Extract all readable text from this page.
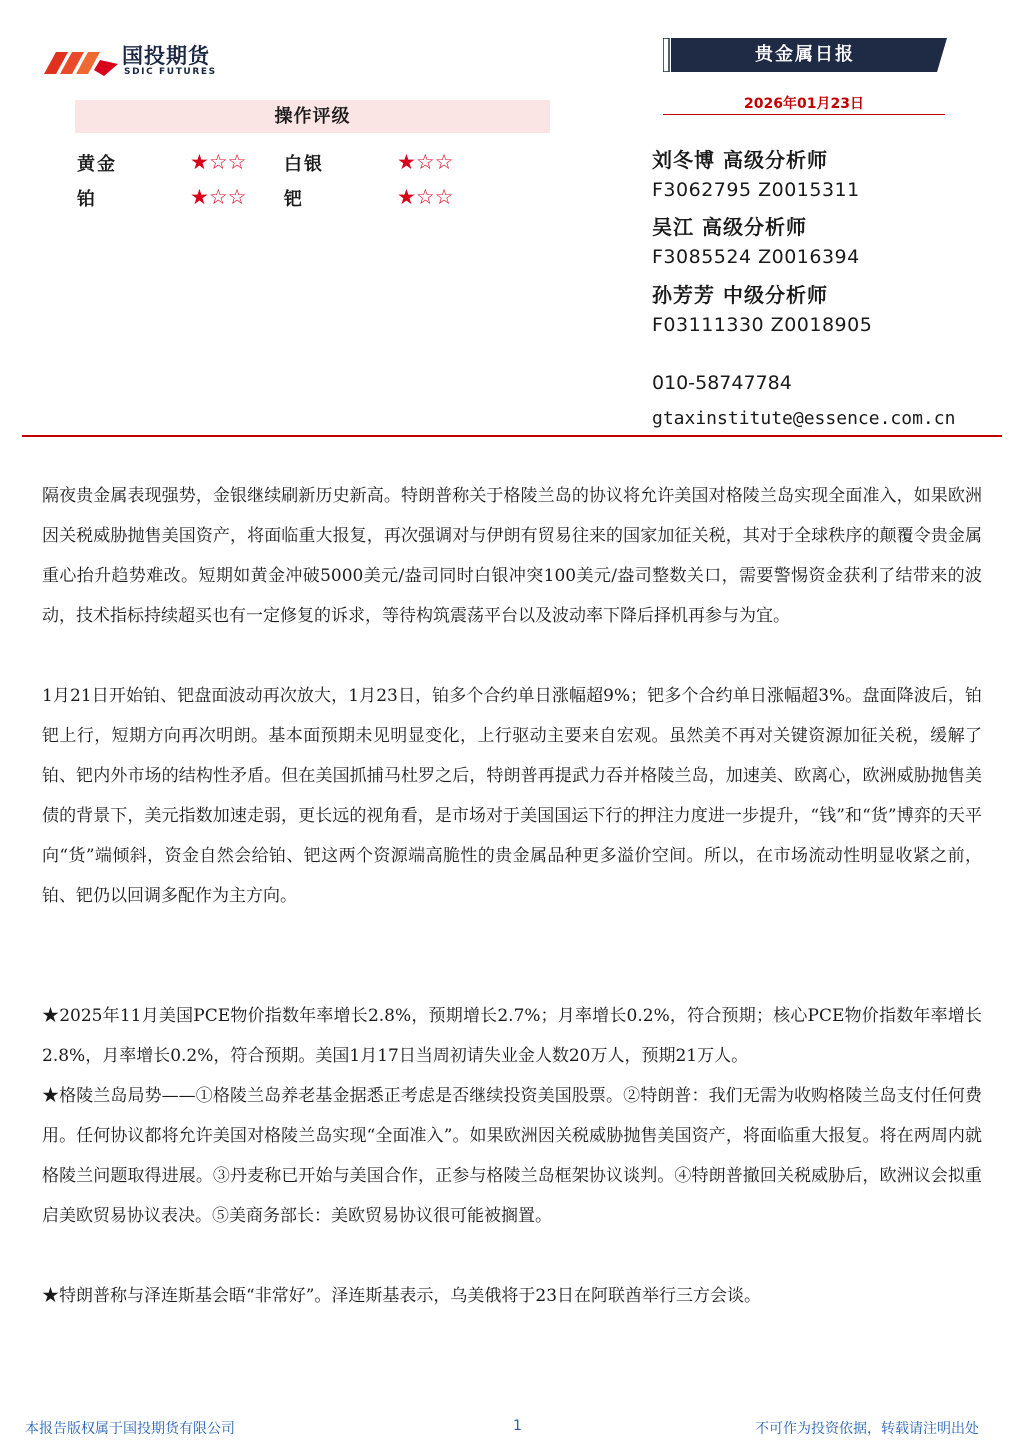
国投期货
SDIC FUTURES
贵金属日报
2026年01月23日
操作评级
黄金	★☆☆ 白银	★☆☆
铂	★☆☆ 钯	★☆☆
刘冬博 高级分析师
F3062795 Z0015311
吴江 高级分析师
F3085524 Z0016394
孙芳芳 中级分析师
F03111330 Z0018905
010-58747784
gtaxinstitute@essence.com.cn
隔夜贵金属表现强势，金银继续刷新历史新高。特朗普称关于格陵兰岛的协议将允许美国对格陵兰岛实现全面准入，如果欧洲因关税威胁抛售美国资产，将面临重大报复，再次强调对与伊朗有贸易往来的国家加征关税，其对于全球秩序的颠覆令贵金属重心抬升趋势难改。短期如黄金冲破5000美元/盎司同时白银冲突100美元/盎司整数关口，需要警惕资金获利了结带来的波动，技术指标持续超买也有一定修复的诉求，等待构筑震荡平台以及波动率下降后择机再参与为宜。
1月21日开始铂、钯盘面波动再次放大，1月23日，铂多个合约单日涨幅超9%；钯多个合约单日涨幅超3%。盘面降波后，铂钯上行，短期方向再次明朗。基本面预期未见明显变化，上行驱动主要来自宏观。虽然美不再对关键资源加征关税，缓解了铂、钯内外市场的结构性矛盾。但在美国抓捕马杜罗之后，特朗普再提武力吞并格陵兰岛，加速美、欧离心，欧洲威胁抛售美债的背景下，美元指数加速走弱，更长远的视角看，是市场对于美国国运下行的押注力度进一步提升，“钱”和“货”博弈的天平向“货”端倾斜，资金自然会给铂、钯这两个资源端高脆性的贵金属品种更多溢价空间。所以，在市场流动性明显收紧之前，铂、钯仍以回调多配作为主方向。
★2025年11月美国PCE物价指数年率增长2.8%，预期增长2.7%；月率增长0.2%，符合预期；核心PCE物价指数年率增长2.8%，月率增长0.2%，符合预期。美国1月17日当周初请失业金人数20万人，预期21万人。
★格陵兰岛局势——①格陵兰岛养老基金据悉正考虑是否继续投资美国股票。②特朗普：我们无需为收购格陵兰岛支付任何费用。任何协议都将允许美国对格陵兰岛实现“全面准入”。如果欧洲因关税威胁抛售美国资产，将面临重大报复。将在两周内就格陵兰问题取得进展。③丹麦称已开始与美国合作，正参与格陵兰岛框架协议谈判。④特朗普撤回关税威胁后，欧洲议会拟重启美欧贸易协议表决。⑤美商务部长：美欧贸易协议很可能被搁置。
★特朗普称与泽连斯基会晤“非常好”。泽连斯基表示，乌美俄将于23日在阿联酋举行三方会谈。
本报告版权属于国投期货有限公司	1	不可作为投资依据，转载请注明出处
